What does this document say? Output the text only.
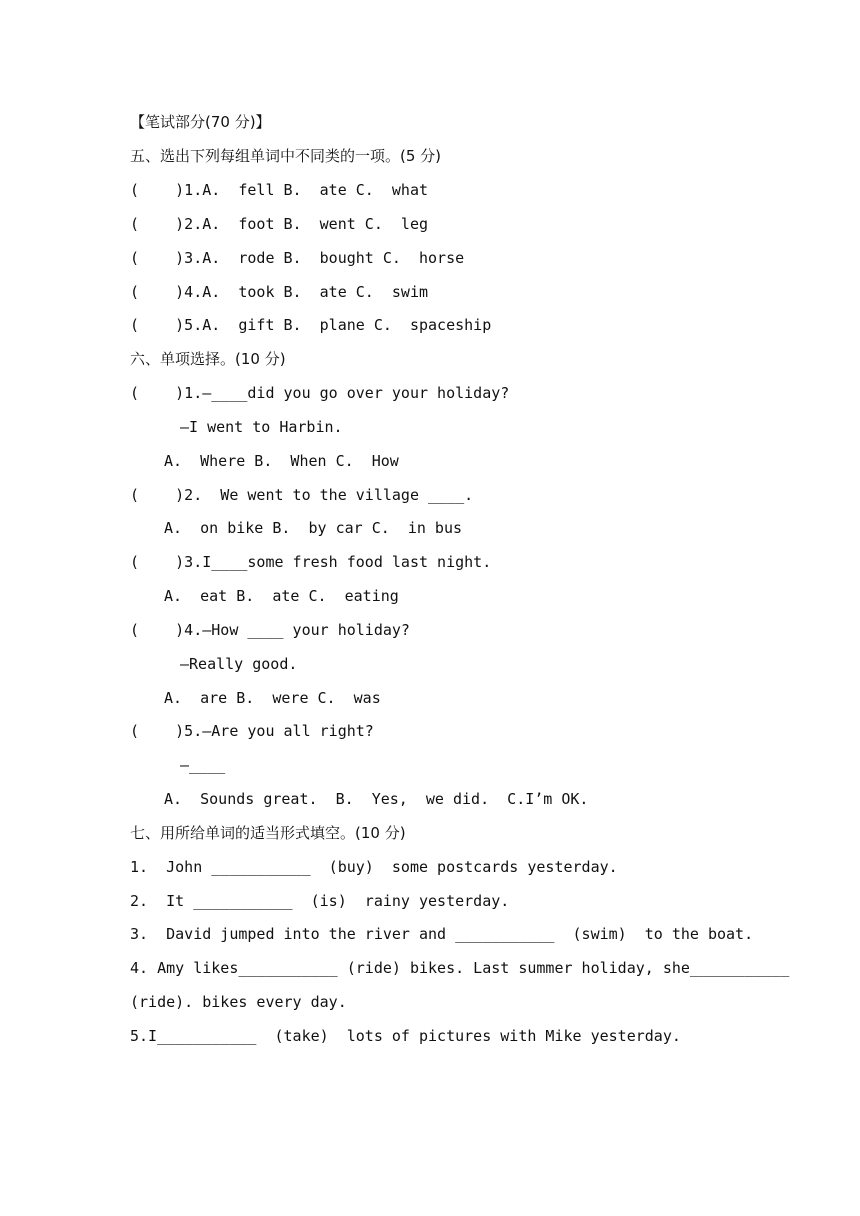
【笔试部分(70 分)】
五、选出下列每组单词中不同类的一项。(5 分)
(    )1.A.  fell B.  ate C.  what
(    )2.A.  foot B.  went C.  leg
(    )3.A.  rode B.  bought C.  horse
(    )4.A.  took B.  ate C.  swim
(    )5.A.  gift B.  plane C.  spaceship
六、单项选择。(10 分)
(    )1.—____did you go over your holiday?
—I went to Harbin.
A.  Where B.  When C.  How
(    )2.  We went to the village ____.
A.  on bike B.  by car C.  in bus
(    )3.I____some fresh food last night.
A.  eat B.  ate C.  eating
(    )4.—How ____ your holiday?
—Really good.
A.  are B.  were C.  was
(    )5.—Are you all right?
—____
A.  Sounds great.  B.  Yes,  we did.  C.I’m OK.
七、用所给单词的适当形式填空。(10 分)
1.  John ___________  (buy)  some postcards yesterday.
2.  It ___________  (is)  rainy yesterday.
3.  David jumped into the river and ___________  (swim)  to the boat.
4. Amy likes___________ (ride) bikes. Last summer holiday, she___________
(ride). bikes every day.
5.I___________  (take)  lots of pictures with Mike yesterday.
